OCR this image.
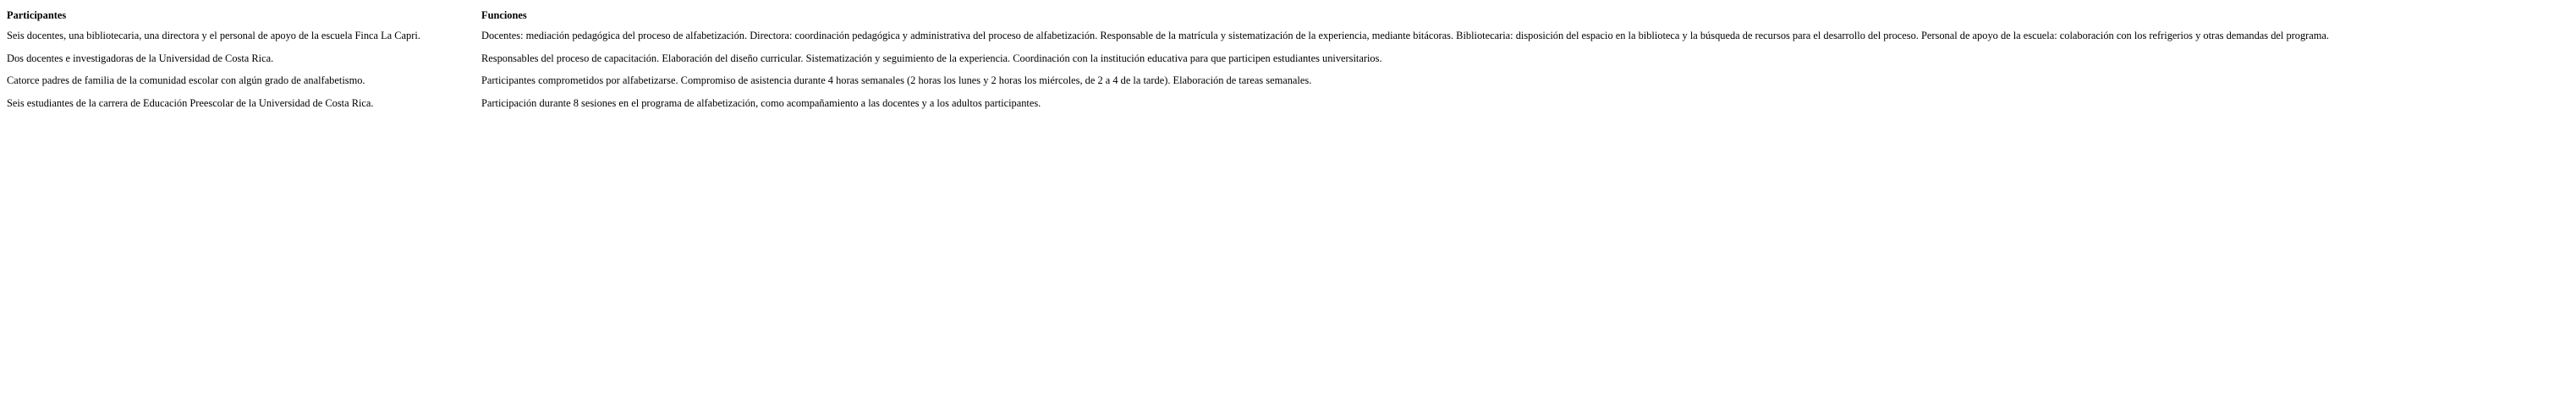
Participantes	Funciones
Seis docentes, una bibliotecaria, una directora y el personal de apoyo de la escuela Finca La Capri.	Docentes: mediación pedagógica del proceso de alfabetización. Directora: coordinación pedagógica y administrativa del proceso de alfabetización. Responsable de la matrícula y sistematización de la experiencia, mediante bitácoras. Bibliotecaria: disposición del espacio en la biblioteca y la búsqueda de recursos para el desarrollo del proceso. Personal de apoyo de la escuela: colaboración con los refrigerios y otras demandas del programa.
Dos docentes e investigadoras de la Universidad de Costa Rica.	Responsables del proceso de capacitación. Elaboración del diseño curricular. Sistematización y seguimiento de la experiencia. Coordinación con la institución educativa para que participen estudiantes universitarios.
Catorce padres de familia de la comunidad escolar con algún grado de analfabetismo.	Participantes comprometidos por alfabetizarse. Compromiso de asistencia durante 4 horas semanales (2 horas los lunes y 2 horas los miércoles, de 2 a 4 de la tarde). Elaboración de tareas semanales.
Seis estudiantes de la carrera de Educación Preescolar de la Universidad de Costa Rica.	Participación durante 8 sesiones en el programa de alfabetización, como acompañamiento a las docentes y a los adultos participantes.
